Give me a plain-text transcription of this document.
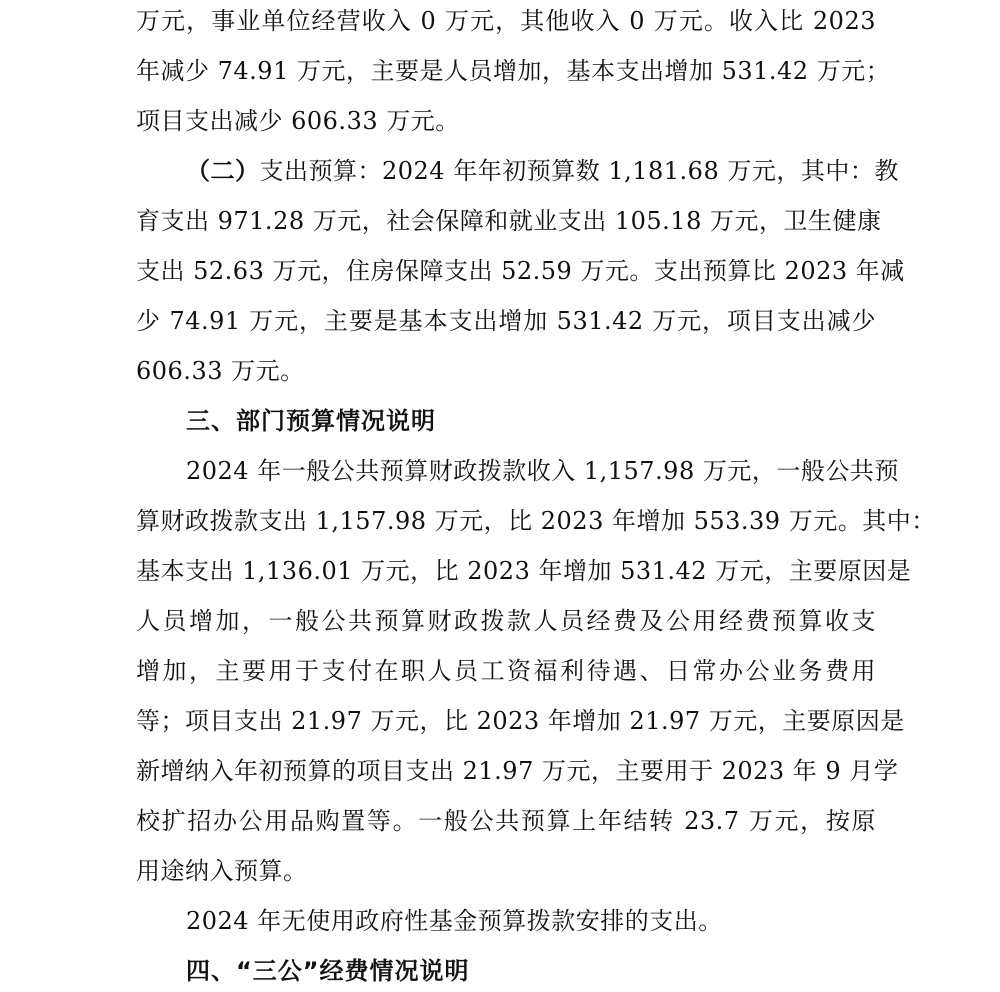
万元，事业单位经营收入 0 万元，其他收入 0 万元。收入比 2023
年减少 74.91 万元，主要是人员增加，基本支出增加 531.42 万元；
项目支出减少 606.33 万元。
（二）支出预算：2024 年年初预算数 1,181.68 万元，其中：教
育支出 971.28 万元，社会保障和就业支出 105.18 万元，卫生健康
支出 52.63 万元，住房保障支出 52.59 万元。支出预算比 2023 年减
少 74.91 万元，主要是基本支出增加 531.42 万元，项目支出减少
606.33 万元。
三、部门预算情况说明
2024 年一般公共预算财政拨款收入 1,157.98 万元，一般公共预
算财政拨款支出 1,157.98 万元，比 2023 年增加 553.39 万元。其中：
基本支出 1,136.01 万元，比 2023 年增加 531.42 万元，主要原因是
人员增加，一般公共预算财政拨款人员经费及公用经费预算收支
增加，主要用于支付在职人员工资福利待遇、日常办公业务费用
等；项目支出 21.97 万元，比 2023 年增加 21.97 万元，主要原因是
新增纳入年初预算的项目支出 21.97 万元，主要用于 2023 年 9 月学
校扩招办公用品购置等。一般公共预算上年结转 23.7 万元，按原
用途纳入预算。
2024 年无使用政府性基金预算拨款安排的支出。
四、“三公”经费情况说明
